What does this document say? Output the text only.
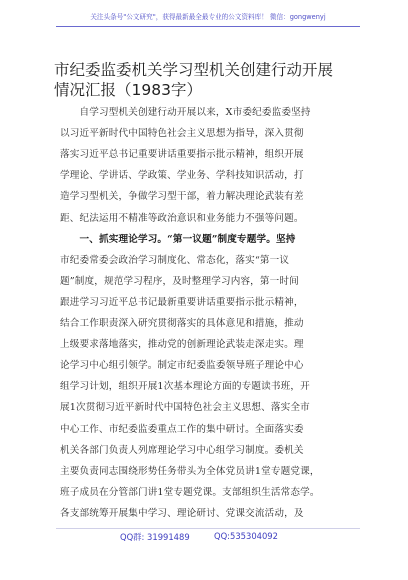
关注头条号"公文研究"，获得最新最全最专业的公文资料库！ 微信：gongwenyj
市纪委监委机关学习型机关创建行动开展
情况汇报（1983字）
　　自学习型机关创建行动开展以来，X市委纪委监委坚持
以习近平新时代中国特色社会主义思想为指导，深入贯彻
落实习近平总书记重要讲话重要指示批示精神，组织开展
学理论、学讲话、学政策、学业务、学科技知识活动，打
造学习型机关，争做学习型干部，着力解决理论武装有差
距、纪法运用不精准等政治意识和业务能力不强等问题。
　　一、抓实理论学习。“第一议题”制度专题学。坚持
市纪委常委会政治学习制度化、常态化，落实“第一议
题”制度，规范学习程序，及时整理学习内容，第一时间
跟进学习习近平总书记最新重要讲话重要指示批示精神，
结合工作职责深入研究贯彻落实的具体意见和措施，推动
上级要求落地落实，推动党的创新理论武装走深走实。理
论学习中心组引领学。制定市纪委监委领导班子理论中心
组学习计划，组织开展1次基本理论方面的专题读书班，开
展1次贯彻习近平新时代中国特色社会主义思想、落实全市
中心工作、市纪委监委重点工作的集中研讨。全面落实委
机关各部门负责人列席理论学习中心组学习制度。委机关
主要负责同志围绕形势任务带头为全体党员讲1堂专题党课，
班子成员在分管部门讲1堂专题党课。支部组织生活常态学。
各支部统筹开展集中学习、理论研讨、党课交流活动，及
QQ群: 31991489	QQ:535304092
